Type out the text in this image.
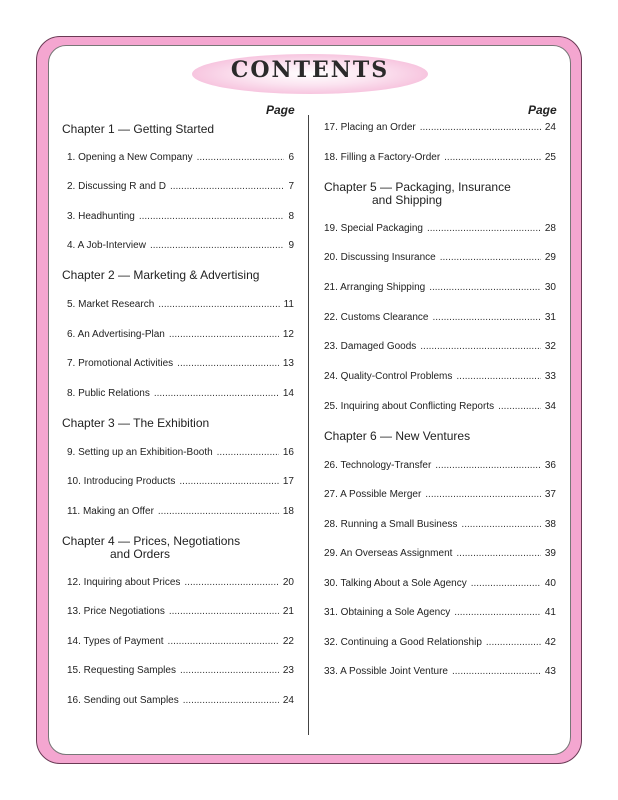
CONTENTS
Page	Page
Chapter 1 — Getting Started
1. Opening a New Company .....	6
2. Discussing R and D .....	7
3. Headhunting .....	8
4. A Job-Interview .....	9
Chapter 2 — Marketing & Advertising
5. Market Research .....	11
6. An Advertising-Plan .....	12
7. Promotional Activities .....	13
8. Public Relations .....	14
Chapter 3 — The Exhibition
9. Setting up an Exhibition-Booth .....	16
10. Introducing Products .....	17
11. Making an Offer .....	18
Chapter 4 — Prices, Negotiations
and Orders
12. Inquiring about Prices .....	20
13. Price Negotiations .....	21
14. Types of Payment .....	22
15. Requesting Samples .....	23
16. Sending out Samples .....	24
17. Placing an Order .....	24
18. Filling a Factory-Order .....	25
Chapter 5 — Packaging, Insurance
and Shipping
19. Special Packaging .....	28
20. Discussing Insurance .....	29
21. Arranging Shipping .....	30
22. Customs Clearance .....	31
23. Damaged Goods .....	32
24. Quality-Control Problems .....	33
25. Inquiring about Conflicting Reports .....	34
Chapter 6 — New Ventures
26. Technology-Transfer .....	36
27. A Possible Merger .....	37
28. Running a Small Business .....	38
29. An Overseas Assignment .....	39
30. Talking About a Sole Agency .....	40
31. Obtaining a Sole Agency .....	41
32. Continuing a Good Relationship .....	42
33. A Possible Joint Venture .....	43
